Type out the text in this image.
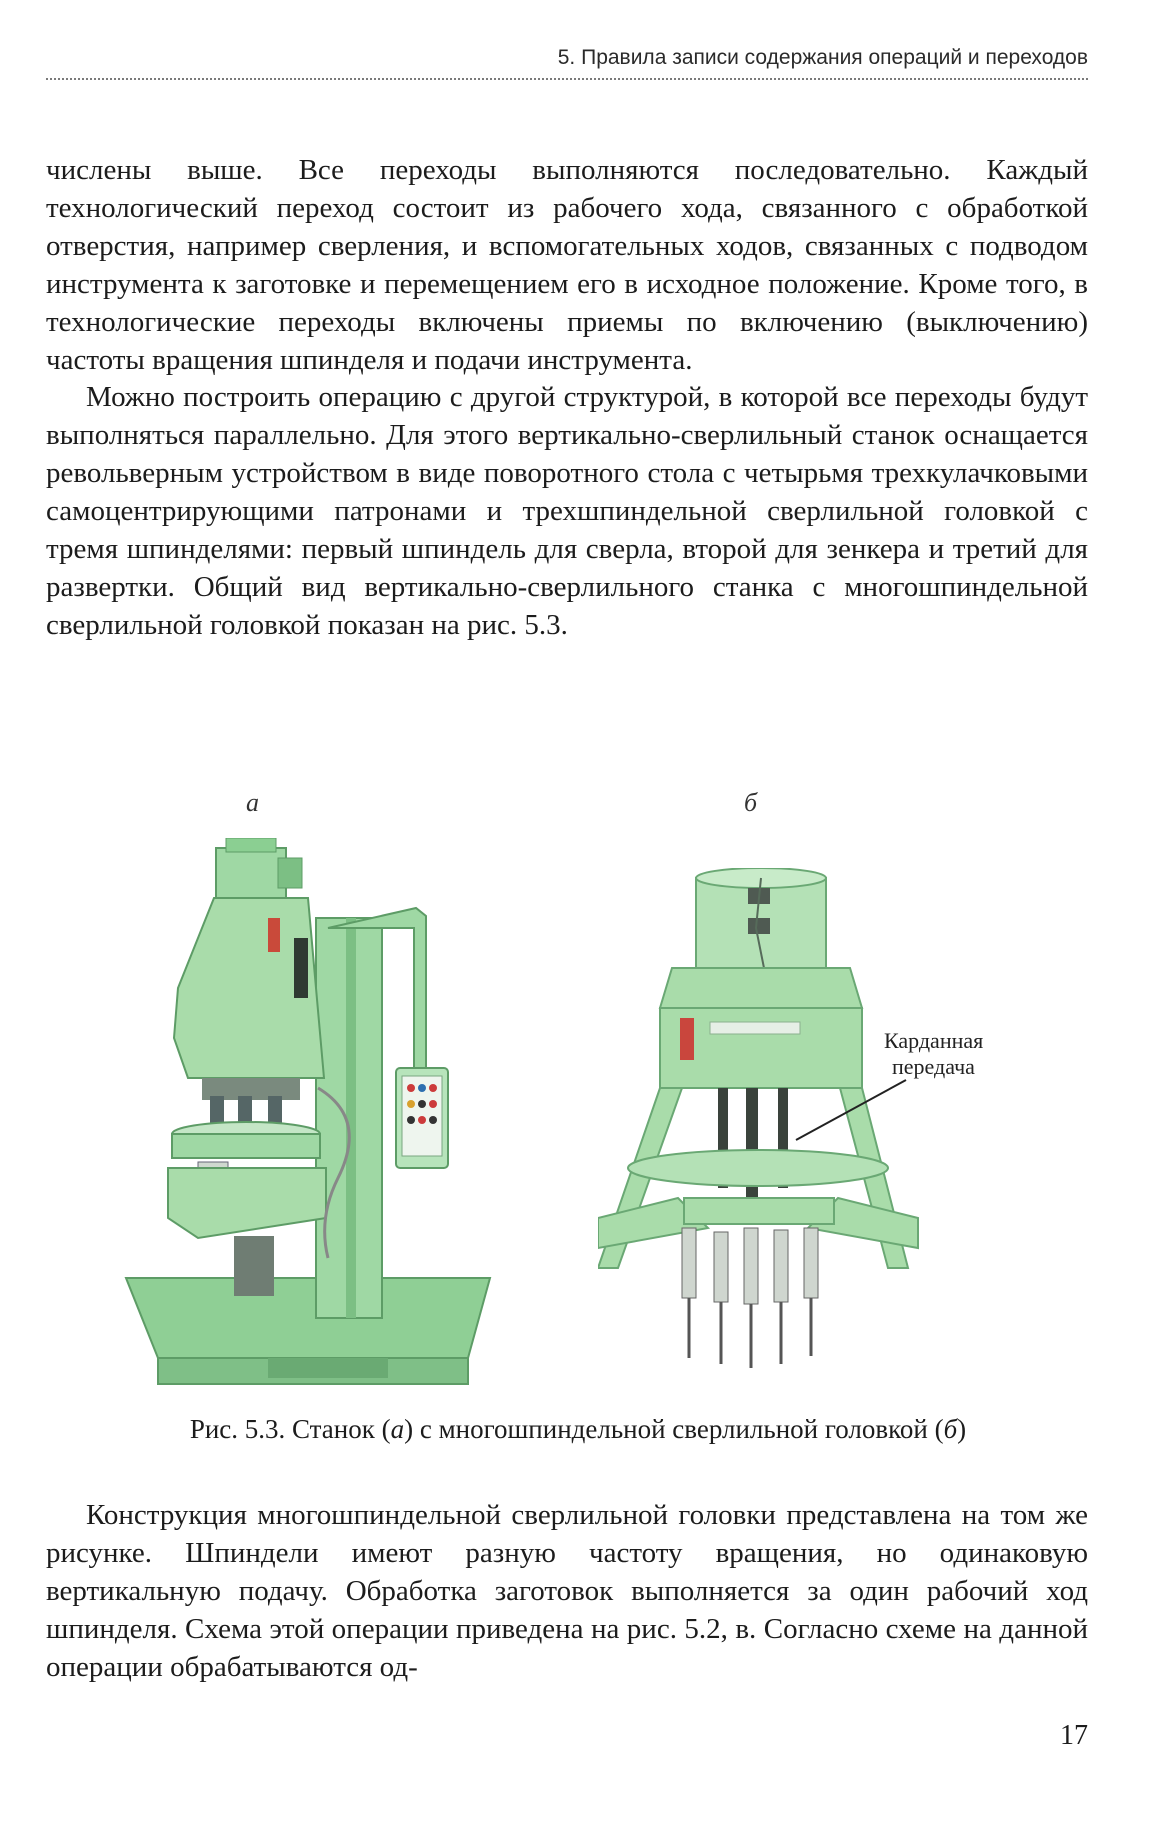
5. Правила записи содержания операций и переходов

числены выше. Все переходы выполняются последовательно. Каждый технологический переход состоит из рабочего хода, связанного с обработкой отверстия, например сверления, и вспомогательных ходов, связанных с подводом инструмента к заготовке и перемещением его в исходное положение. Кроме того, в технологические переходы включены приемы по включению (выключению) частоты вращения шпинделя и подачи инструмента.

Можно построить операцию с другой структурой, в которой все переходы будут выполняться параллельно. Для этого вертикально-сверлильный станок оснащается револьверным устройством в виде поворотного стола с четырьмя трехкулачковыми самоцентрирующими патронами и трехшпиндельной сверлильной головкой с тремя шпинделями: первый шпиндель для сверла, второй для зенкера и третий для развертки. Общий вид вертикально-сверлильного станка с многошпиндельной сверлильной головкой показан на рис. 5.3.

а	б
Карданная
передача
Рис. 5.3. Станок (а) с многошпиндельной сверлильной головкой (б)

Конструкция многошпиндельной сверлильной головки представлена на том же рисунке. Шпиндели имеют разную частоту вращения, но одинаковую вертикальную подачу. Обработка заготовок выполняется за один рабочий ход шпинделя. Схема этой операции приведена на рис. 5.2, в. Согласно схеме на данной операции обрабатываются од-

17
